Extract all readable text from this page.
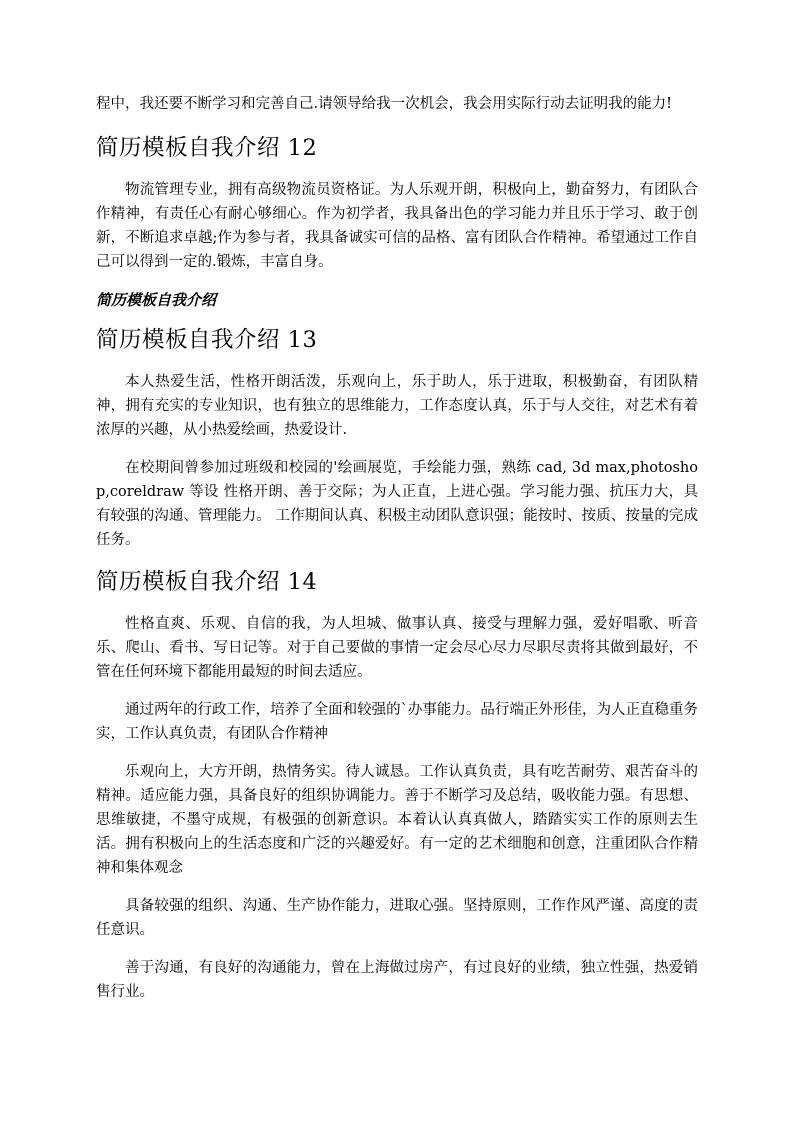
程中，我还要不断学习和完善自己.请领导给我一次机会，我会用实际行动去证明我的能力!

简历模板自我介绍 12

物流管理专业，拥有高级物流员资格证。为人乐观开朗，积极向上，勤奋努力，有团队合作精神，有责任心有耐心够细心。作为初学者，我具备出色的学习能力并且乐于学习、敢于创新，不断追求卓越;作为参与者，我具备诚实可信的品格、富有团队合作精神。希望通过工作自己可以得到一定的.锻炼，丰富自身。

简历模板自我介绍
简历模板自我介绍 13

本人热爱生活，性格开朗活泼，乐观向上，乐于助人，乐于进取，积极勤奋，有团队精神，拥有充实的专业知识，也有独立的思维能力，工作态度认真，乐于与人交往，对艺术有着浓厚的兴趣，从小热爱绘画，热爱设计.

在校期间曾参加过班级和校园的'绘画展览，手绘能力强，熟练 cad, 3d max,photoshop,coreldraw 等设 性格开朗、善于交际；为人正直，上进心强。学习能力强、抗压力大，具有较强的沟通、管理能力。 工作期间认真、积极主动团队意识强；能按时、按质、按量的完成任务。

简历模板自我介绍 14

性格直爽、乐观、自信的我，为人坦城、做事认真、接受与理解力强，爱好唱歌、听音乐、爬山、看书、写日记等。对于自己要做的事情一定会尽心尽力尽职尽责将其做到最好，不管在任何环境下都能用最短的时间去适应。

通过两年的行政工作，培养了全面和较强的`办事能力。品行端正外形佳，为人正直稳重务实，工作认真负责，有团队合作精神

乐观向上，大方开朗，热情务实。待人诚恳。工作认真负责，具有吃苦耐劳、艰苦奋斗的精神。适应能力强，具备良好的组织协调能力。善于不断学习及总结，吸收能力强。有思想、思维敏捷，不墨守成规，有极强的创新意识。本着认认真真做人，踏踏实实工作的原则去生活。拥有积极向上的生活态度和广泛的兴趣爱好。有一定的艺术细胞和创意，注重团队合作精神和集体观念

具备较强的组织、沟通、生产协作能力，进取心强。坚持原则，工作作风严谨、高度的责任意识。

善于沟通，有良好的沟通能力，曾在上海做过房产，有过良好的业绩，独立性强，热爱销售行业。
